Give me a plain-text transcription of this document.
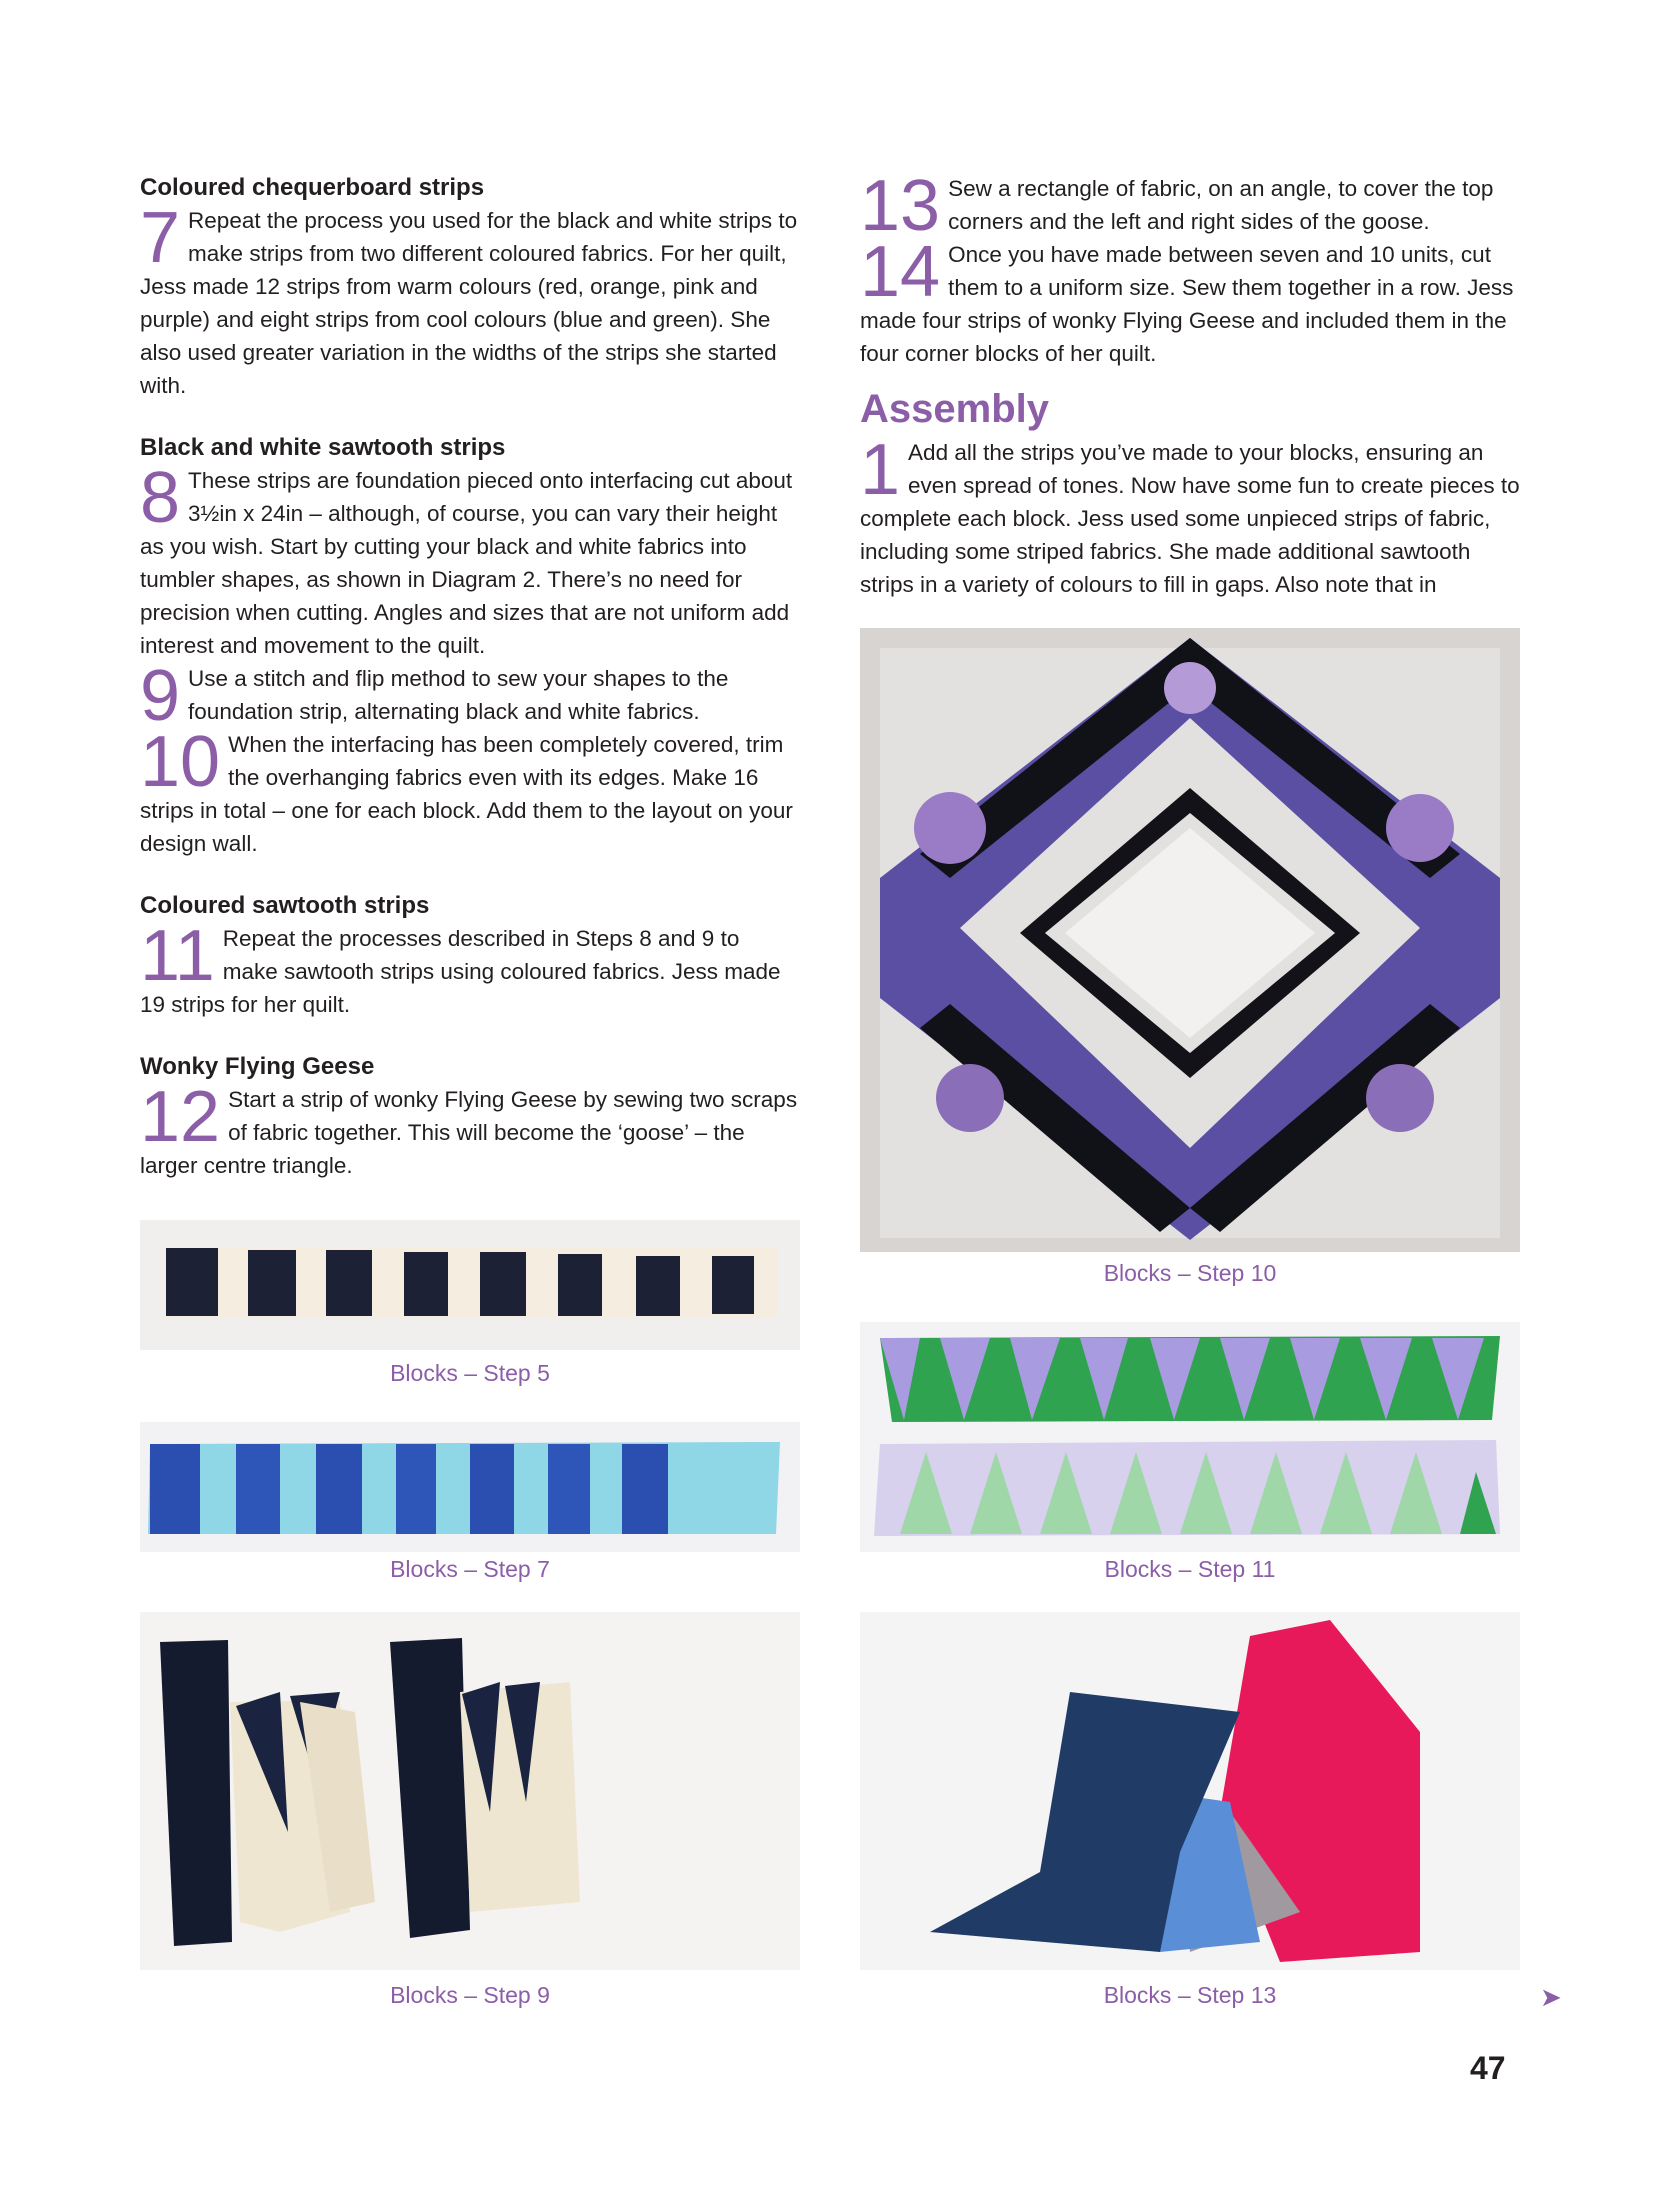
Coloured chequerboard strips

7 Repeat the process you used for the black and white strips to make strips from two different coloured fabrics. For her quilt, Jess made 12 strips from warm colours (red, orange, pink and purple) and eight strips from cool colours (blue and green). She also used greater variation in the widths of the strips she started with.

Black and white sawtooth strips

8 These strips are foundation pieced onto interfacing cut about 3½in x 24in – although, of course, you can vary their height as you wish. Start by cutting your black and white fabrics into tumbler shapes, as shown in Diagram 2. There’s no need for precision when cutting. Angles and sizes that are not uniform add interest and movement to the quilt.

9 Use a stitch and flip method to sew your shapes to the foundation strip, alternating black and white fabrics.

10 When the interfacing has been completely covered, trim the overhanging fabrics even with its edges. Make 16 strips in total – one for each block. Add them to the layout on your design wall.

Coloured sawtooth strips

11 Repeat the processes described in Steps 8 and 9 to make sawtooth strips using coloured fabrics. Jess made 19 strips for her quilt.

Wonky Flying Geese

12 Start a strip of wonky Flying Geese by sewing two scraps of fabric together. This will become the ‘goose’ – the larger centre triangle.

13 Sew a rectangle of fabric, on an angle, to cover the top corners and the left and right sides of the goose.

14 Once you have made between seven and 10 units, cut them to a uniform size. Sew them together in a row. Jess made four strips of wonky Flying Geese and included them in the four corner blocks of her quilt.

Assembly

1 Add all the strips you’ve made to your blocks, ensuring an even spread of tones. Now have some fun to create pieces to complete each block. Jess used some unpieced strips of fabric, including some striped fabrics. She made additional sawtooth strips in a variety of colours to fill in gaps. Also note that in

Blocks – Step 5
Blocks – Step 7
Blocks – Step 9
Blocks – Step 10
Blocks – Step 11
Blocks – Step 13	➤
47
